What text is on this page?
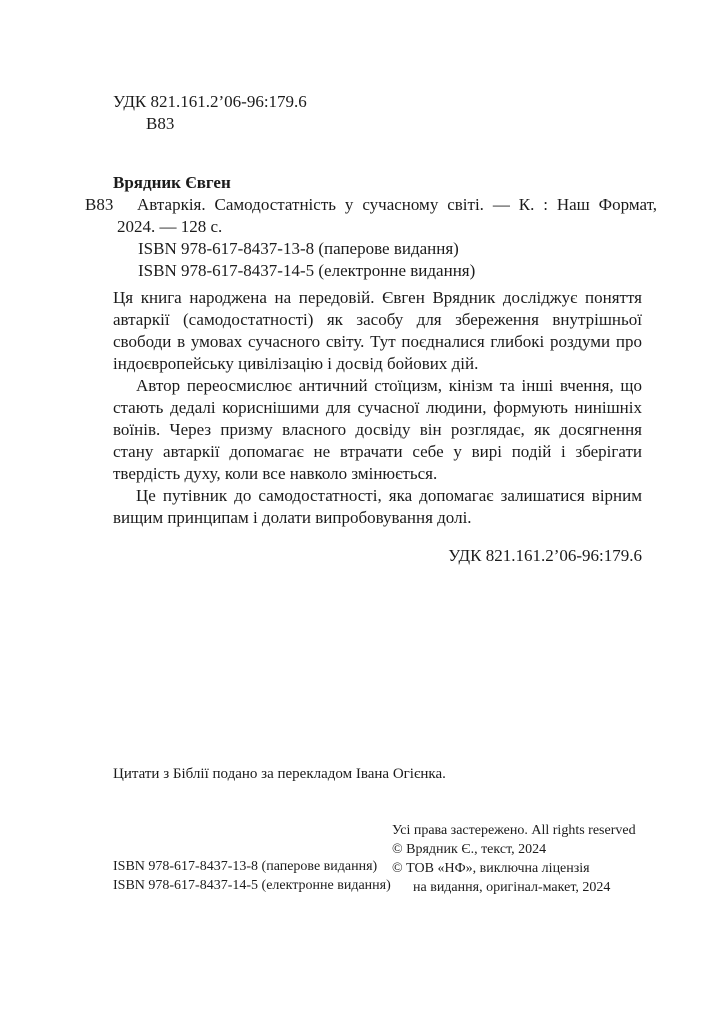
УДК 821.161.2’06-96:179.6
В83
Врядник Євген
В83	Автаркія. Самодостатність у сучасному світі. — К. : Наш Формат, 2024. — 128 с.

ISBN 978-617-8437-13-8 (паперове видання)
ISBN 978-617-8437-14-5 (електронне видання)

Ця книга народжена на передовій. Євген Врядник досліджує поняття автаркії (самодостатності) як засобу для збереження внутрішньої свободи в умовах сучасного світу. Тут поєдналися глибокі роздуми про індоєвропейську цивілізацію і досвід бойових дій.

Автор переосмислює античний стоїцизм, кінізм та інші вчення, що стають дедалі кориснішими для сучасної людини, формують нинішніх воїнів. Через призму власного досвіду він розглядає, як досягнення стану автаркії допомагає не втрачати себе у вирі подій і зберігати твердість духу, коли все навколо змінюється.

Це путівник до самодостатності, яка допомагає залишатися вірним вищим принципам і долати випробовування долі.

УДК 821.161.2’06-96:179.6
Цитати з Біблії подано за перекладом Івана Огієнка.
ISBN 978-617-8437-13-8 (паперове видання)
ISBN 978-617-8437-14-5 (електронне видання)
Усі права застережено. All rights reserved
© Врядник Є., текст, 2024
© ТОВ «НФ», виключна ліцензія
на видання, оригінал-макет, 2024
